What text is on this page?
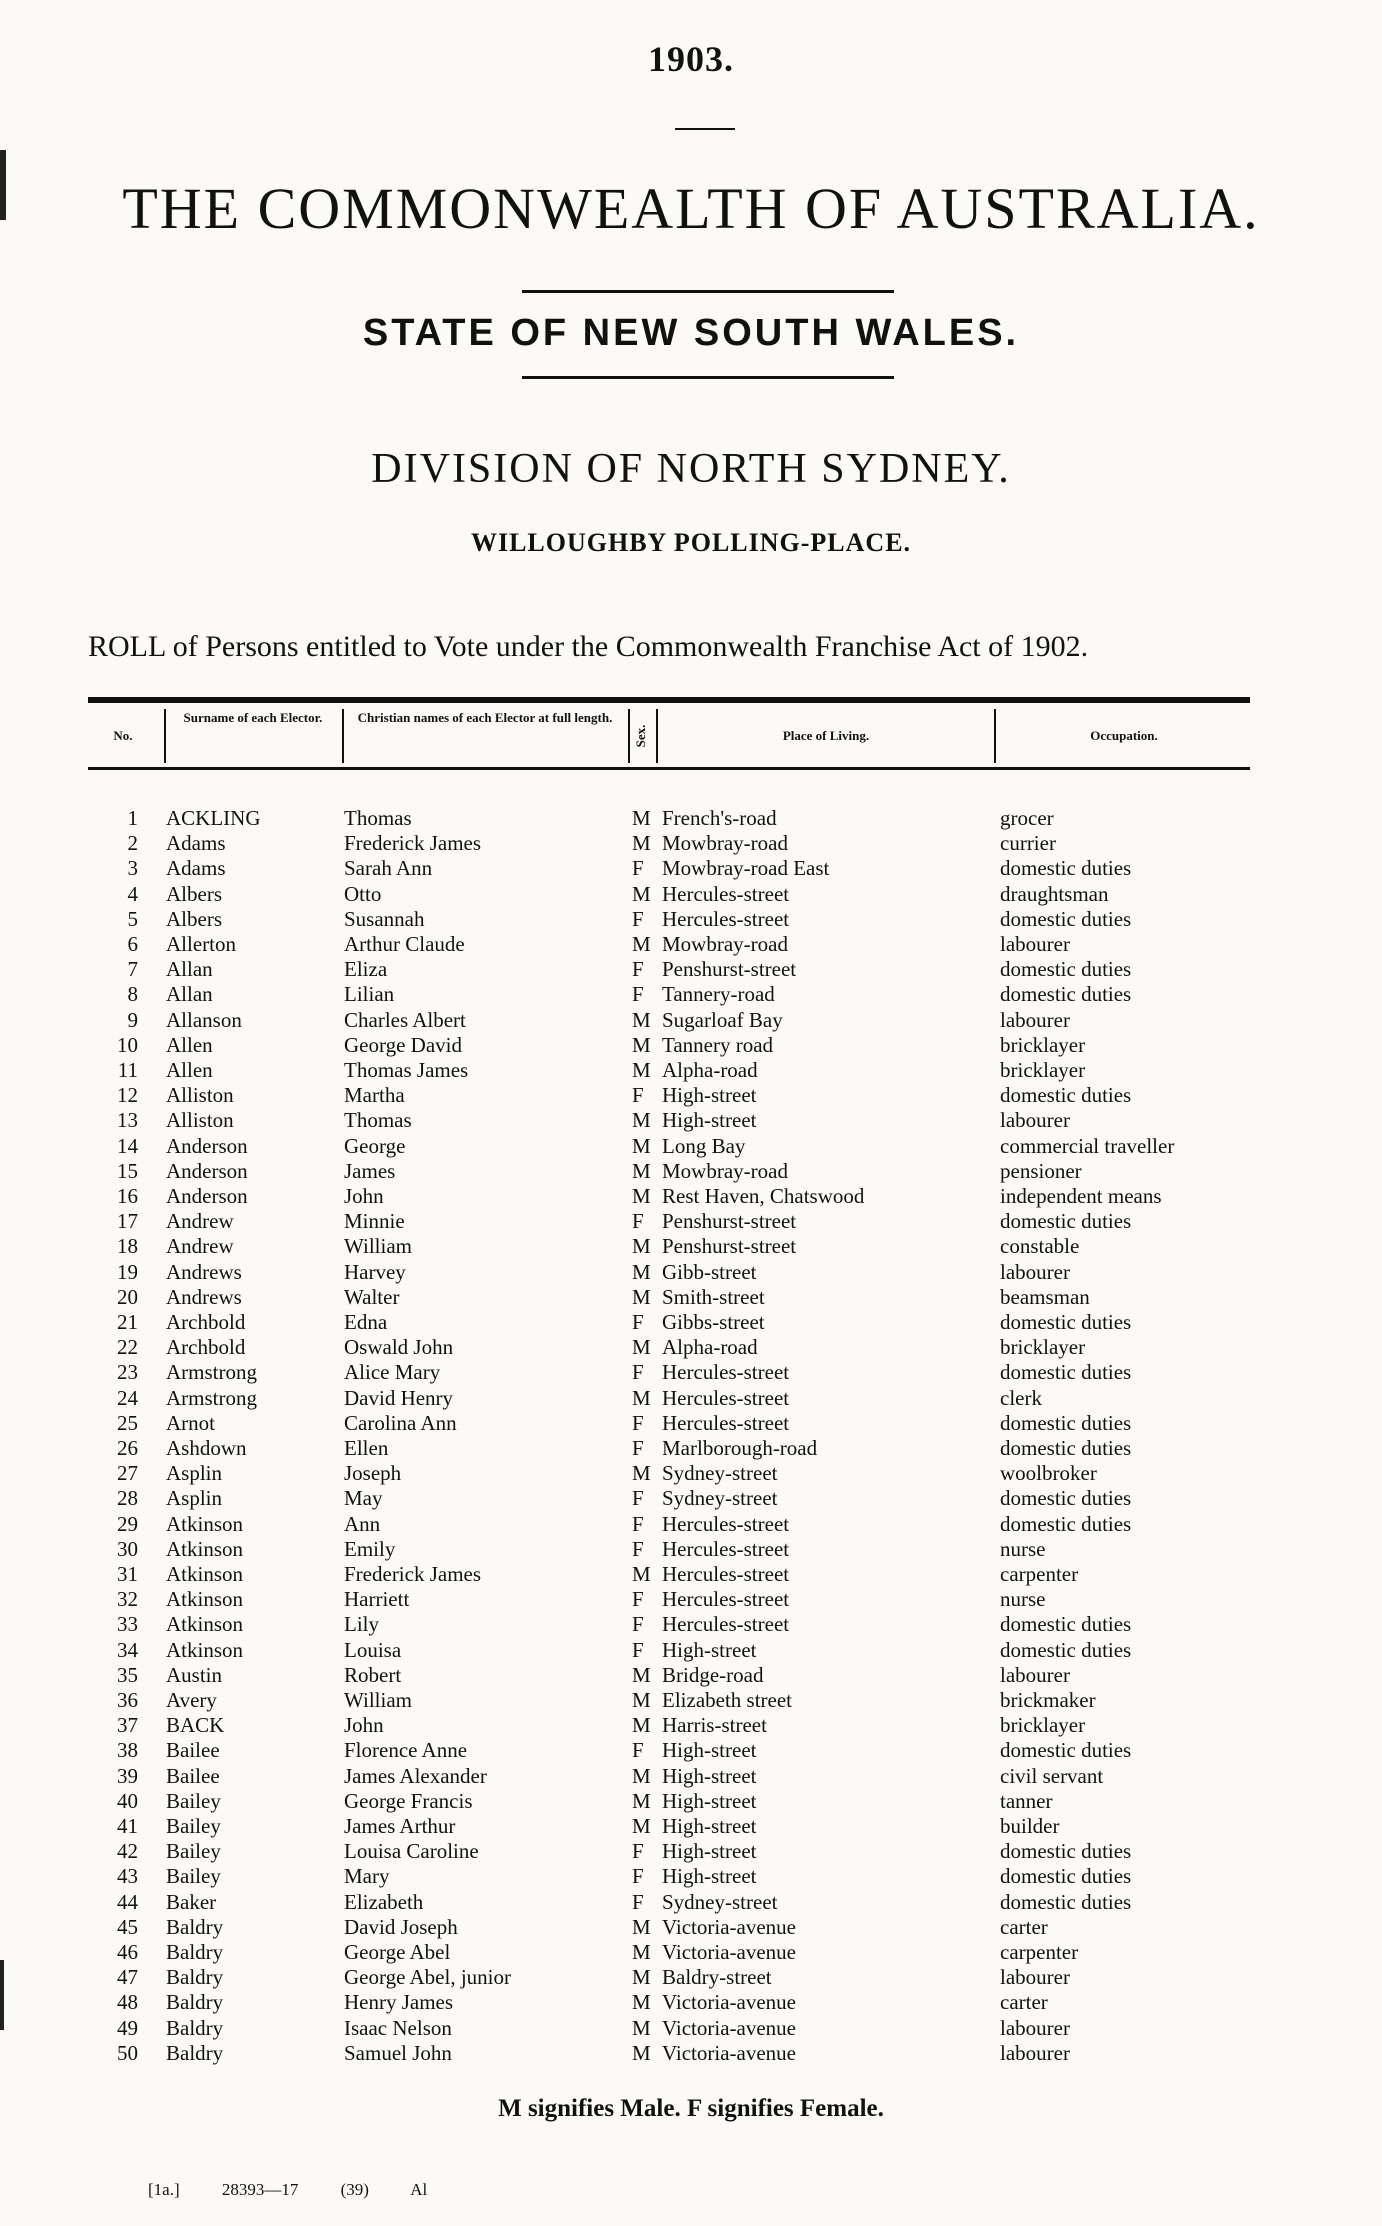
1903.
THE COMMONWEALTH OF AUSTRALIA.
STATE OF NEW SOUTH WALES.
DIVISION OF NORTH SYDNEY.
WILLOUGHBY POLLING-PLACE.
ROLL of Persons entitled to Vote under the Commonwealth Franchise Act of 1902.
No.
Surname of each Elector.	Christian names of each Elector at full length.
Sex.	Place of Living.	Occupation.
1 ACKLING	Thomas	M French's-road	grocer
2 Adams	Frederick James	M Mowbray-road	currier
3 Adams	Sarah Ann	F Mowbray-road East	domestic duties
4 Albers	Otto	M Hercules-street	draughtsman
5 Albers	Susannah	F Hercules-street	domestic duties
6 Allerton	Arthur Claude	M Mowbray-road	labourer
7 Allan	Eliza	F Penshurst-street	domestic duties
8 Allan	Lilian	F Tannery-road	domestic duties
9 Allanson	Charles Albert	M Sugarloaf Bay	labourer
10 Allen	George David	M Tannery road	bricklayer
11 Allen	Thomas James	M Alpha-road	bricklayer
12 Alliston	Martha	F High-street	domestic duties
13 Alliston	Thomas	M High-street	labourer
14 Anderson	George	M Long Bay	commercial traveller
15 Anderson	James	M Mowbray-road	pensioner
16 Anderson	John	M Rest Haven, Chatswood	independent means
17 Andrew	Minnie	F Penshurst-street	domestic duties
18 Andrew	William	M Penshurst-street	constable
19 Andrews	Harvey	M Gibb-street	labourer
20 Andrews	Walter	M Smith-street	beamsman
21 Archbold	Edna	F Gibbs-street	domestic duties
22 Archbold	Oswald John	M Alpha-road	bricklayer
23 Armstrong	Alice Mary	F Hercules-street	domestic duties
24 Armstrong	David Henry	M Hercules-street	clerk
25 Arnot	Carolina Ann	F Hercules-street	domestic duties
26 Ashdown	Ellen	F Marlborough-road	domestic duties
27 Asplin	Joseph	M Sydney-street	woolbroker
28 Asplin	May	F Sydney-street	domestic duties
29 Atkinson	Ann	F Hercules-street	domestic duties
30 Atkinson	Emily	F Hercules-street	nurse
31 Atkinson	Frederick James	M Hercules-street	carpenter
32 Atkinson	Harriett	F Hercules-street	nurse
33 Atkinson	Lily	F Hercules-street	domestic duties
34 Atkinson	Louisa	F High-street	domestic duties
35 Austin	Robert	M Bridge-road	labourer
36 Avery	William	M Elizabeth street	brickmaker
37 BACK	John	M Harris-street	bricklayer
38 Bailee	Florence Anne	F High-street	domestic duties
39 Bailee	James Alexander	M High-street	civil servant
40 Bailey	George Francis	M High-street	tanner
41 Bailey	James Arthur	M High-street	builder
42 Bailey	Louisa Caroline	F High-street	domestic duties
43 Bailey	Mary	F High-street	domestic duties
44 Baker	Elizabeth	F Sydney-street	domestic duties
45 Baldry	David Joseph	M Victoria-avenue	carter
46 Baldry	George Abel	M Victoria-avenue	carpenter
47 Baldry	George Abel, junior	M Baldry-street	labourer
48 Baldry	Henry James	M Victoria-avenue	carter
49 Baldry	Isaac Nelson	M Victoria-avenue	labourer
50 Baldry	Samuel John	M Victoria-avenue	labourer
M signifies Male. F signifies Female.
[1a.] 28393—17 (39) Al
